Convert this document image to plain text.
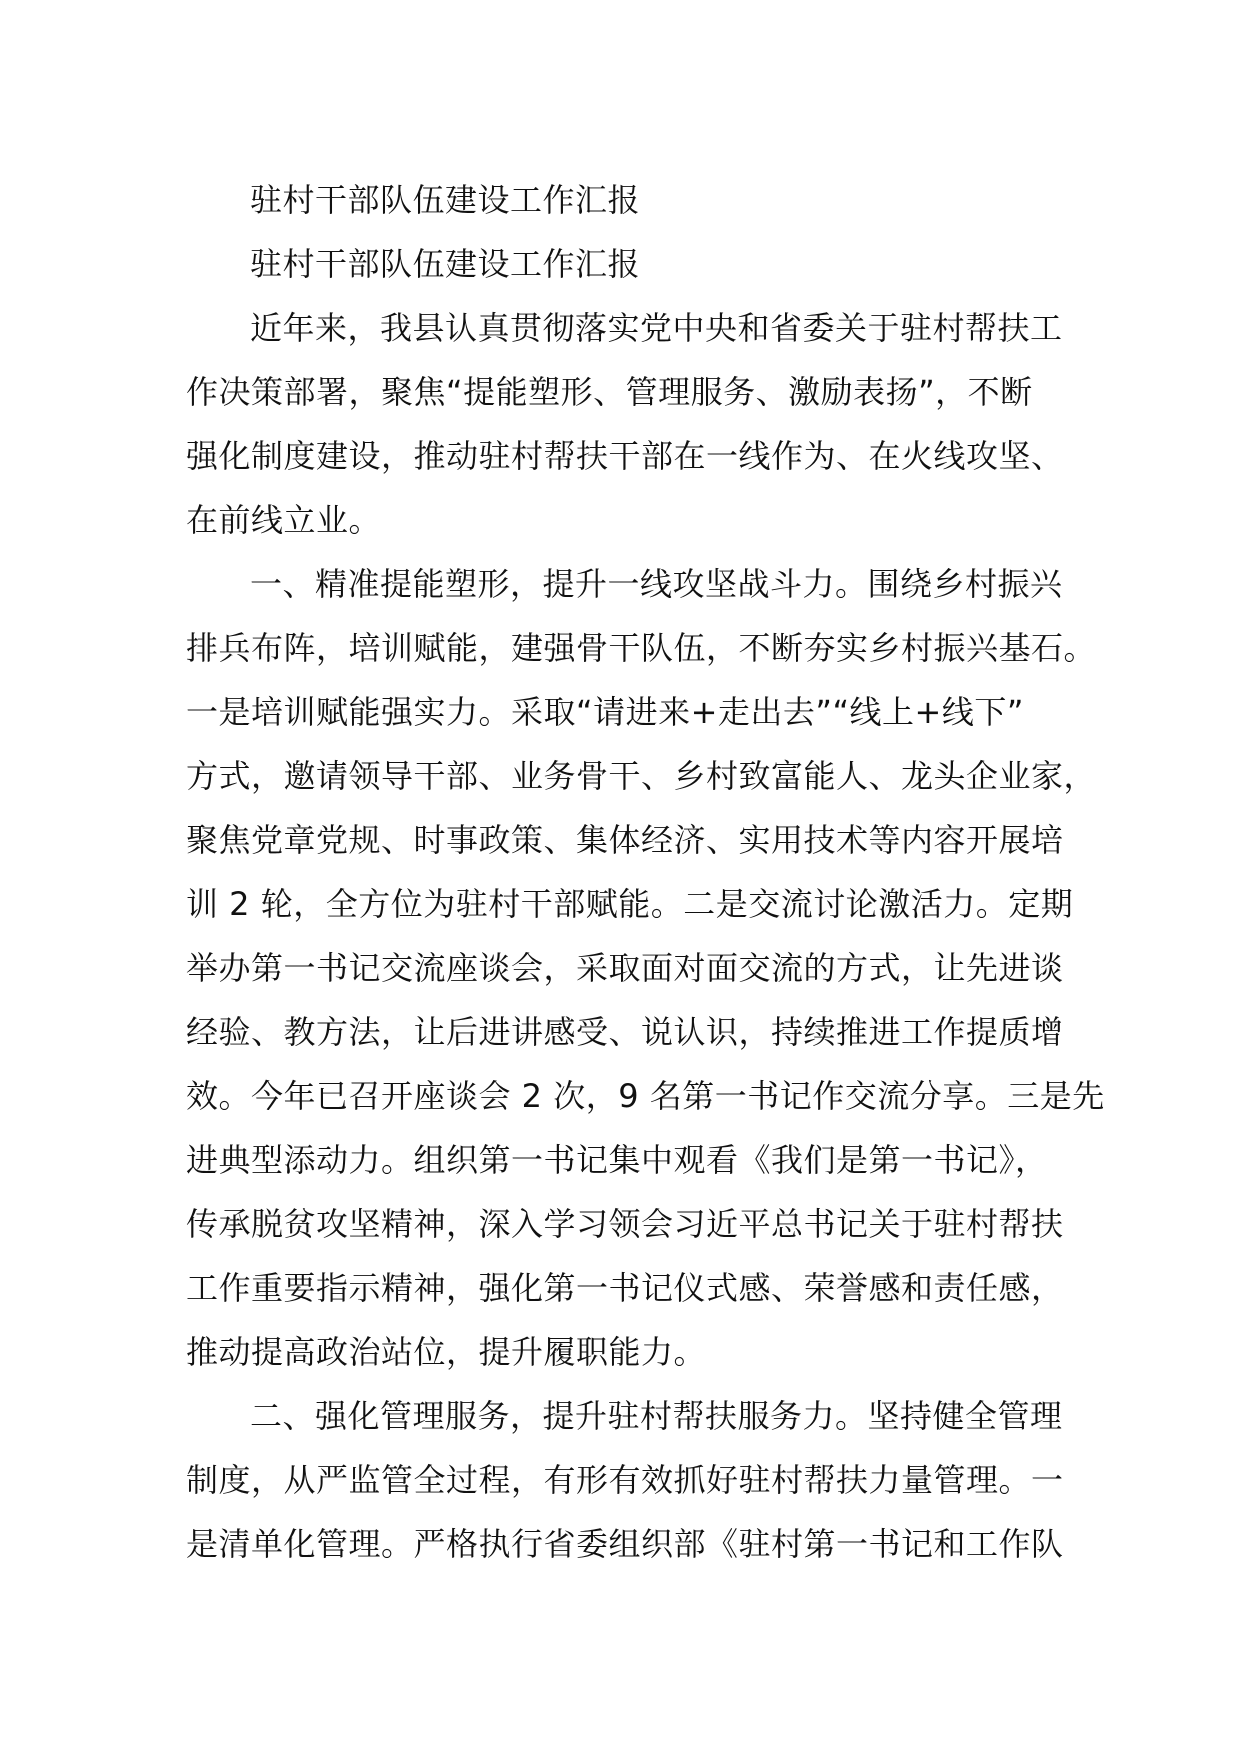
驻村干部队伍建设工作汇报
驻村干部队伍建设工作汇报
近年来，我县认真贯彻落实党中央和省委关于驻村帮扶工
作决策部署，聚焦“提能塑形、管理服务、激励表扬”，不断
强化制度建设，推动驻村帮扶干部在一线作为、在火线攻坚、
在前线立业。
一、精准提能塑形，提升一线攻坚战斗力。围绕乡村振兴
排兵布阵，培训赋能，建强骨干队伍，不断夯实乡村振兴基石。
一是培训赋能强实力。采取“请进来+走出去”“线上+线下”
方式，邀请领导干部、业务骨干、乡村致富能人、龙头企业家，
聚焦党章党规、时事政策、集体经济、实用技术等内容开展培
训 2 轮，全方位为驻村干部赋能。二是交流讨论激活力。定期
举办第一书记交流座谈会，采取面对面交流的方式，让先进谈
经验、教方法，让后进讲感受、说认识，持续推进工作提质增
效。今年已召开座谈会 2 次，9 名第一书记作交流分享。三是先
进典型添动力。组织第一书记集中观看《我们是第一书记》，
传承脱贫攻坚精神，深入学习领会习近平总书记关于驻村帮扶
工作重要指示精神，强化第一书记仪式感、荣誉感和责任感，
推动提高政治站位，提升履职能力。
二、强化管理服务，提升驻村帮扶服务力。坚持健全管理
制度，从严监管全过程，有形有效抓好驻村帮扶力量管理。一
是清单化管理。严格执行省委组织部《驻村第一书记和工作队
